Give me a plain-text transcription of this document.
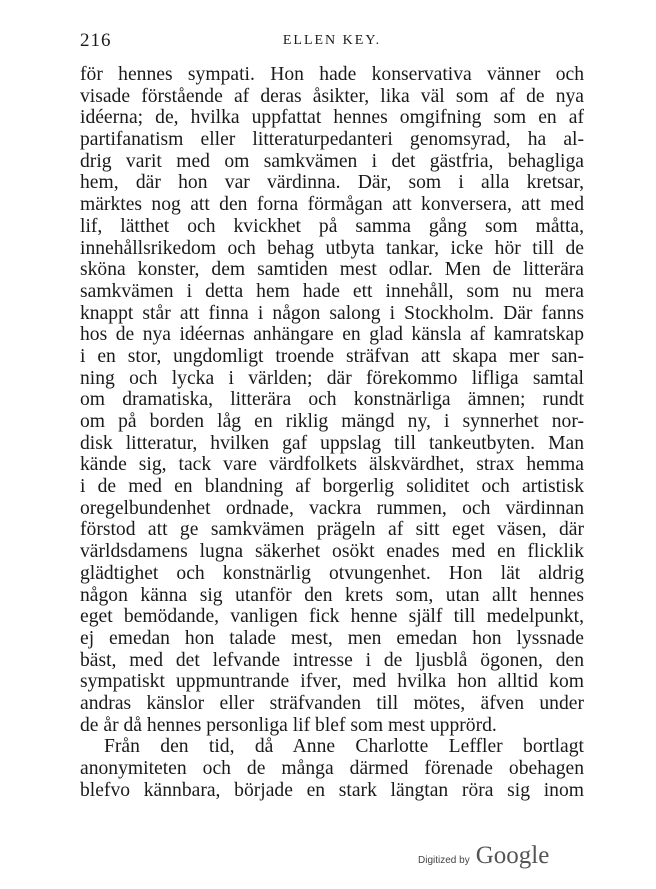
216	ELLEN KEY.
för hennes sympati. Hon hade konservativa vänner och
visade förstående af deras åsikter, lika väl som af de nya
idéerna; de, hvilka uppfattat hennes omgifning som en af
partifanatism eller litteraturpedanteri genomsyrad, ha al-
drig varit med om samkvämen i det gästfria, behagliga
hem, där hon var värdinna. Där, som i alla kretsar,
märktes nog att den forna förmågan att konversera, att med
lif, lätthet och kvickhet på samma gång som måtta,
innehållsrikedom och behag utbyta tankar, icke hör till de
sköna konster, dem samtiden mest odlar. Men de litterära
samkvämen i detta hem hade ett innehåll, som nu mera
knappt står att finna i någon salong i Stockholm. Där fanns
hos de nya idéernas anhängare en glad känsla af kamratskap
i en stor, ungdomligt troende sträfvan att skapa mer san-
ning och lycka i världen; där förekommo lifliga samtal
om dramatiska, litterära och konstnärliga ämnen; rundt
om på borden låg en riklig mängd ny, i synnerhet nor-
disk litteratur, hvilken gaf uppslag till tankeutbyten. Man
kände sig, tack vare värdfolkets älskvärdhet, strax hemma
i de med en blandning af borgerlig soliditet och artistisk
oregelbundenhet ordnade, vackra rummen, och värdinnan
förstod att ge samkvämen prägeln af sitt eget väsen, där
världsdamens lugna säkerhet osökt enades med en flicklik
glädtighet och konstnärlig otvungenhet. Hon lät aldrig
någon känna sig utanför den krets som, utan allt hennes
eget bemödande, vanligen fick henne själf till medelpunkt,
ej emedan hon talade mest, men emedan hon lyssnade
bäst, med det lefvande intresse i de ljusblå ögonen, den
sympatiskt uppmuntrande ifver, med hvilka hon alltid kom
andras känslor eller sträfvanden till mötes, äfven under
de år då hennes personliga lif blef som mest upprörd.
Från den tid, då Anne Charlotte Leffler bortlagt
anonymiteten och de många därmed förenade obehagen
blefvo kännbara, började en stark längtan röra sig inom
Digitized by Google
